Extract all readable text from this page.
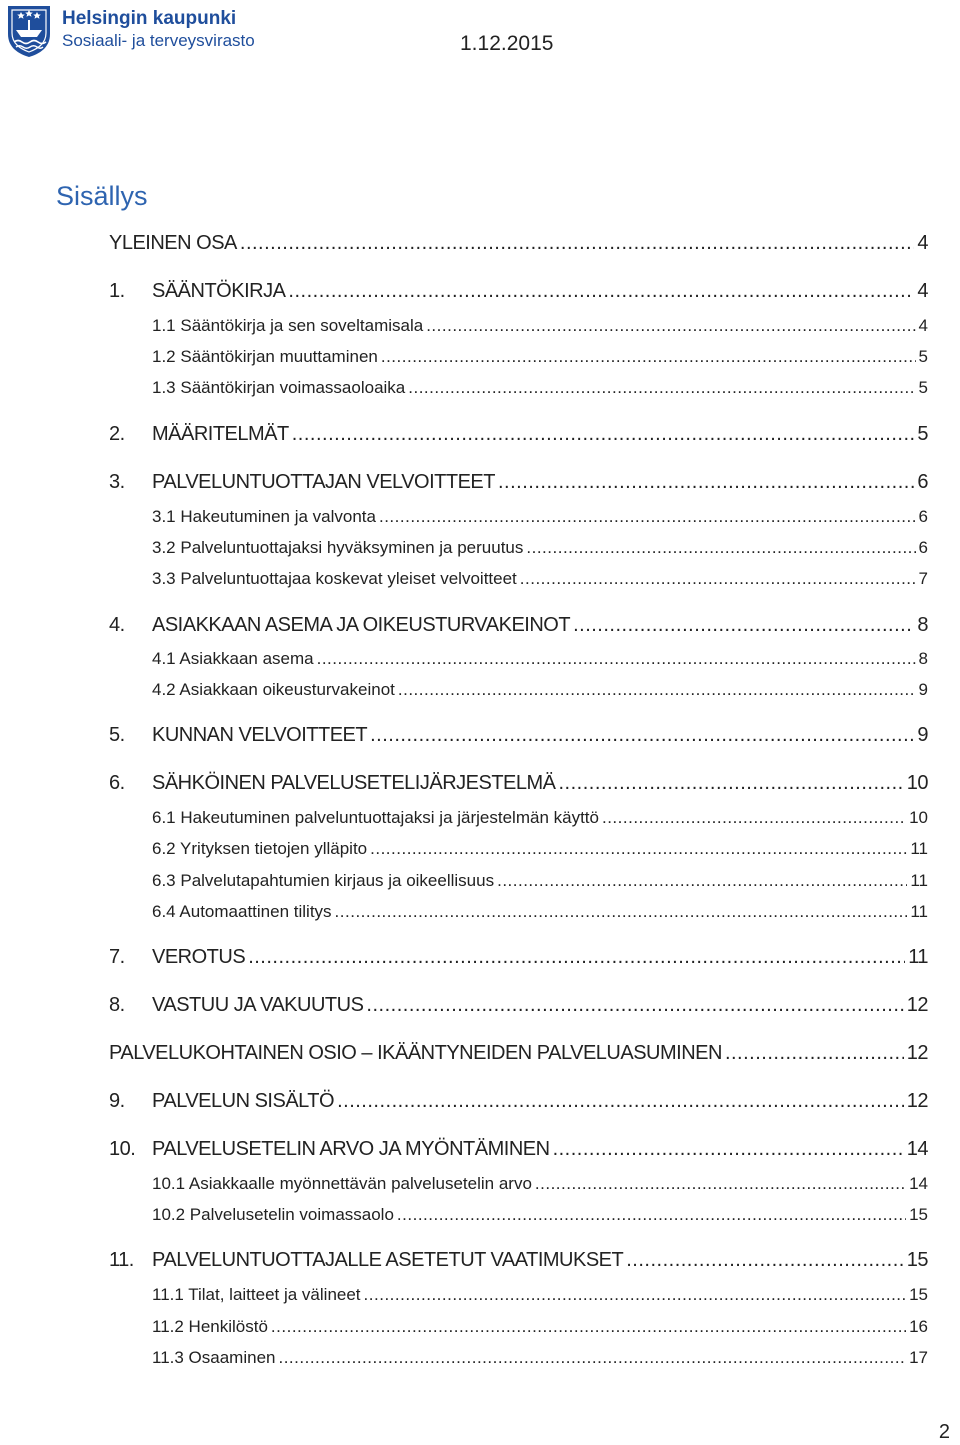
Helsingin kaupunki
Sosiaali- ja terveysvirasto	1.12.2015
Sisällys
YLEINEN OSA .....	4
1.	SÄÄNTÖKIRJA .....	4
1.1 Sääntökirja ja sen soveltamisala .....	4
1.2 Sääntökirjan muuttaminen .....	5
1.3 Sääntökirjan voimassaoloaika .....	5
2.	MÄÄRITELMÄT .....	5
3.	PALVELUNTUOTTAJAN VELVOITTEET .....	6
3.1 Hakeutuminen ja valvonta .....	6
3.2 Palveluntuottajaksi hyväksyminen ja peruutus .....	6
3.3 Palveluntuottajaa koskevat yleiset velvoitteet .....	7
4.	ASIAKKAAN ASEMA JA OIKEUSTURVAKEINOT .....	8
4.1 Asiakkaan asema .....	8
4.2 Asiakkaan oikeusturvakeinot .....	9
5.	KUNNAN VELVOITTEET .....	9
6.	SÄHKÖINEN PALVELUSETELIJÄRJESTELMÄ .....	10
6.1 Hakeutuminen palveluntuottajaksi ja järjestelmän käyttö .....	10
6.2 Yrityksen tietojen ylläpito .....	11
6.3 Palvelutapahtumien kirjaus ja oikeellisuus .....	11
6.4 Automaattinen tilitys .....	11
7.	VEROTUS .....	11
8.	VASTUU JA VAKUUTUS .....	12
PALVELUKOHTAINEN OSIO – IKÄÄNTYNEIDEN PALVELUASUMINEN .....	12
9.	PALVELUN SISÄLTÖ .....	12
10. PALVELUSETELIN ARVO JA MYÖNTÄMINEN .....	14
10.1 Asiakkaalle myönnettävän palvelusetelin arvo .....	14
10.2 Palvelusetelin voimassaolo .....	15
11. PALVELUNTUOTTAJALLE ASETETUT VAATIMUKSET .....	15
11.1 Tilat, laitteet ja välineet .....	15
11.2 Henkilöstö .....	16
11.3 Osaaminen .....	17
2
